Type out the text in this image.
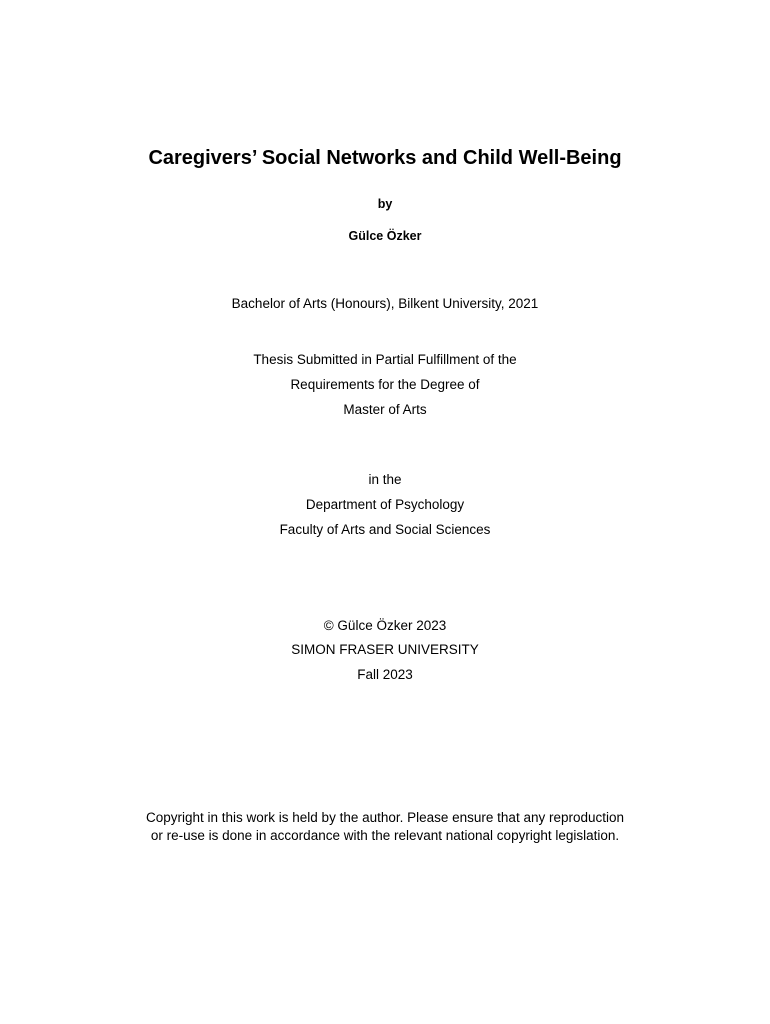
Caregivers’ Social Networks and Child Well-Being
by
Gülce Özker
Bachelor of Arts (Honours), Bilkent University, 2021
Thesis Submitted in Partial Fulfillment of the
Requirements for the Degree of
Master of Arts
in the
Department of Psychology
Faculty of Arts and Social Sciences
© Gülce Özker 2023
SIMON FRASER UNIVERSITY
Fall 2023
Copyright in this work is held by the author. Please ensure that any reproduction
or re-use is done in accordance with the relevant national copyright legislation.
